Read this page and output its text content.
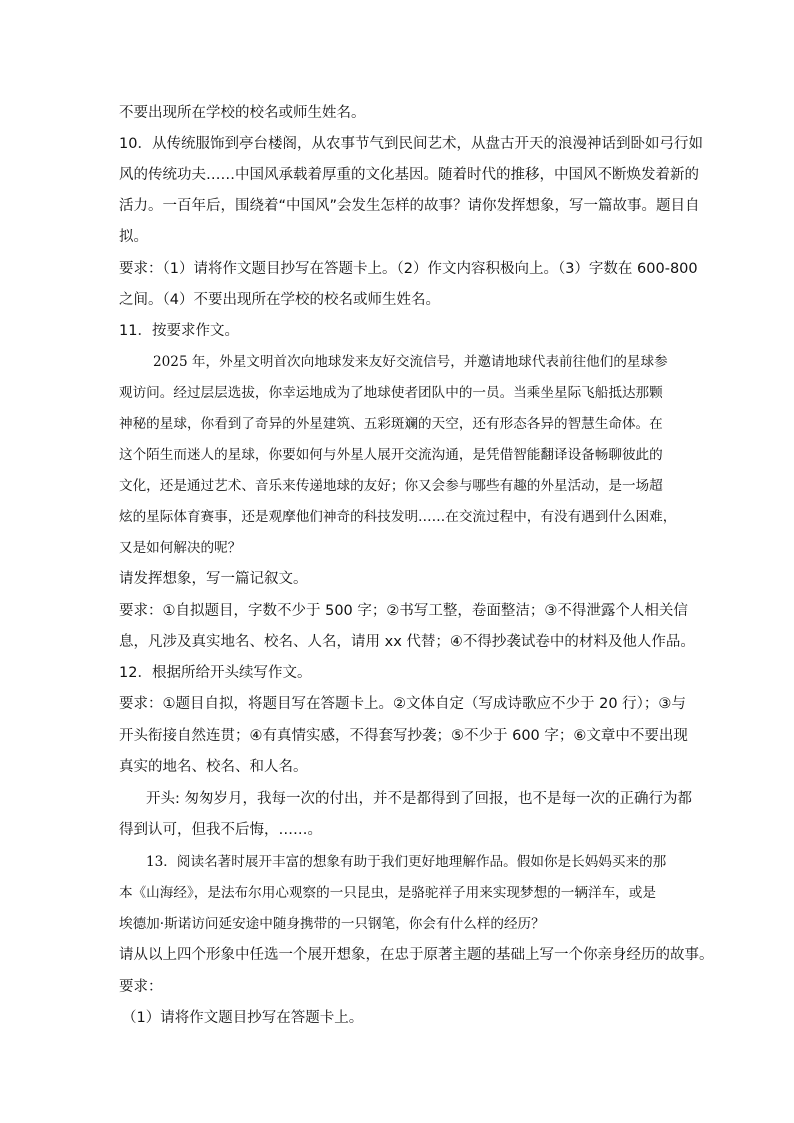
不要出现所在学校的校名或师生姓名。
10．从传统服饰到亭台楼阁，从农事节气到民间艺术，从盘古开天的浪漫神话到卧如弓行如
风的传统功夫……中国风承载着厚重的文化基因。随着时代的推移，中国风不断焕发着新的
活力。一百年后，围绕着“中国风”会发生怎样的故事？请你发挥想象，写一篇故事。题目自
拟。
要求：（1）请将作文题目抄写在答题卡上。（2）作文内容积极向上。（3）字数在 600-800
之间。（4）不要出现所在学校的校名或师生姓名。
11．按要求作文。
2025 年，外星文明首次向地球发来友好交流信号，并邀请地球代表前往他们的星球参
观访问。经过层层选拔，你幸运地成为了地球使者团队中的一员。当乘坐星际飞船抵达那颗
神秘的星球，你看到了奇异的外星建筑、五彩斑斓的天空，还有形态各异的智慧生命体。在
这个陌生而迷人的星球，你要如何与外星人展开交流沟通，是凭借智能翻译设备畅聊彼此的
文化，还是通过艺术、音乐来传递地球的友好；你又会参与哪些有趣的外星活动，是一场超
炫的星际体育赛事，还是观摩他们神奇的科技发明……在交流过程中，有没有遇到什么困难，
又是如何解决的呢？
请发挥想象，写一篇记叙文。
要求：①自拟题目，字数不少于 500 字；②书写工整，卷面整洁；③不得泄露个人相关信
息，凡涉及真实地名、校名、人名，请用 xx 代替；④不得抄袭试卷中的材料及他人作品。
12．根据所给开头续写作文。
要求：①题目自拟，将题目写在答题卡上。②文体自定（写成诗歌应不少于 20 行）；③与
开头衔接自然连贯；④有真情实感，不得套写抄袭；⑤不少于 600 字；⑥文章中不要出现
真实的地名、校名、和人名。
开头: 匆匆岁月，我每一次的付出，并不是都得到了回报，也不是每一次的正确行为都
得到认可，但我不后悔，……。
13．阅读名著时展开丰富的想象有助于我们更好地理解作品。假如你是长妈妈买来的那
本《山海经》，是法布尔用心观察的一只昆虫，是骆驼祥子用来实现梦想的一辆洋车，或是
埃德加·斯诺访问延安途中随身携带的一只钢笔，你会有什么样的经历？
请从以上四个形象中任选一个展开想象，在忠于原著主题的基础上写一个你亲身经历的故事。
要求：
（1）请将作文题目抄写在答题卡上。
